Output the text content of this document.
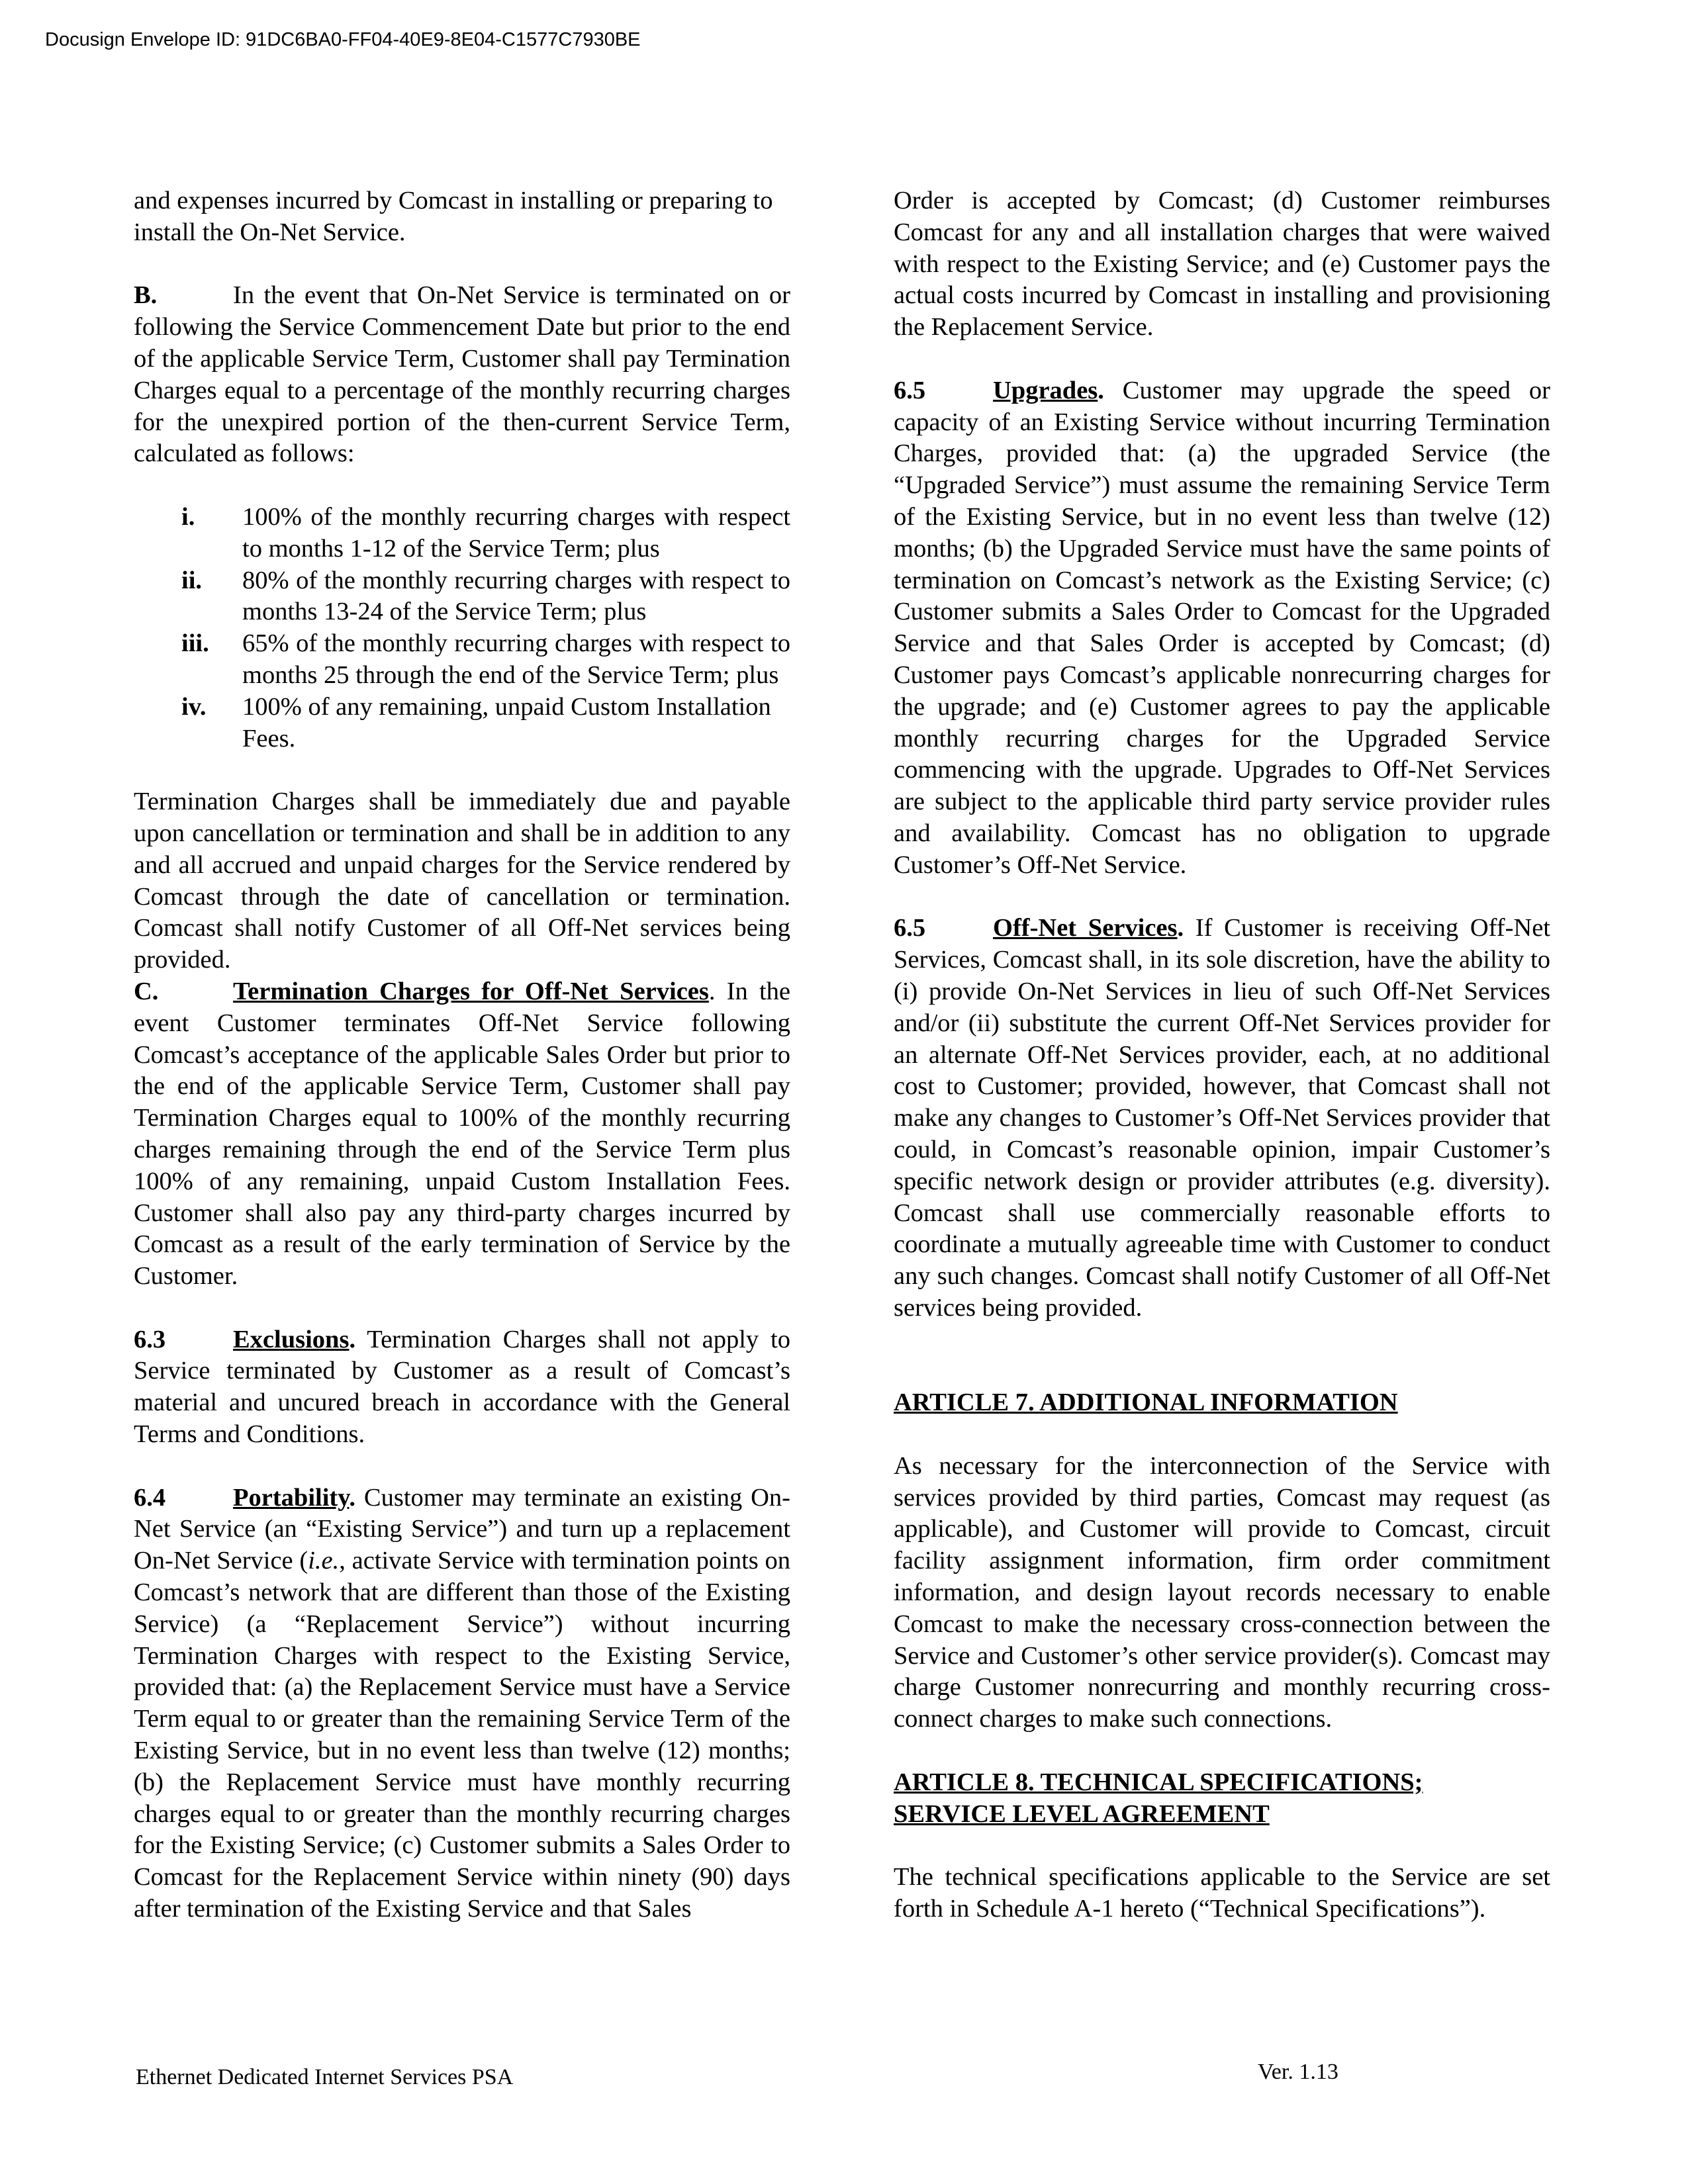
Docusign Envelope ID: 91DC6BA0-FF04-40E9-8E04-C1577C7930BE

and expenses incurred by Comcast in installing or preparing to install the On-Net Service.

B.	In the event that On-Net Service is terminated on or following the Service Commencement Date but prior to the end of the applicable Service Term, Customer shall pay Termination Charges equal to a percentage of the monthly recurring charges for the unexpired portion of the then-current Service Term, calculated as follows:

i. 100% of the monthly recurring charges with respect to months 1-12 of the Service Term; plus
ii. 80% of the monthly recurring charges with respect to months 13-24 of the Service Term; plus
iii. 65% of the monthly recurring charges with respect to months 25 through the end of the Service Term; plus
iv. 100% of any remaining, unpaid Custom Installation Fees.

Termination Charges shall be immediately due and payable upon cancellation or termination and shall be in addition to any and all accrued and unpaid charges for the Service rendered by Comcast through the date of cancellation or termination. Comcast shall notify Customer of all Off-Net services being provided.

C.	Termination Charges for Off-Net Services. In the event Customer terminates Off-Net Service following Comcast’s acceptance of the applicable Sales Order but prior to the end of the applicable Service Term, Customer shall pay Termination Charges equal to 100% of the monthly recurring charges remaining through the end of the Service Term plus 100% of any remaining, unpaid Custom Installation Fees. Customer shall also pay any third-party charges incurred by Comcast as a result of the early termination of Service by the Customer.

6.3	Exclusions. Termination Charges shall not apply to Service terminated by Customer as a result of Comcast’s material and uncured breach in accordance with the General Terms and Conditions.

6.4	Portability. Customer may terminate an existing On-Net Service (an “Existing Service”) and turn up a replacement On-Net Service (i.e., activate Service with termination points on Comcast’s network that are different than those of the Existing Service) (a “Replacement Service”) without incurring Termination Charges with respect to the Existing Service, provided that: (a) the Replacement Service must have a Service Term equal to or greater than the remaining Service Term of the Existing Service, but in no event less than twelve (12) months; (b) the Replacement Service must have monthly recurring charges equal to or greater than the monthly recurring charges for the Existing Service; (c) Customer submits a Sales Order to Comcast for the Replacement Service within ninety (90) days after termination of the Existing Service and that Sales

Order is accepted by Comcast; (d) Customer reimburses Comcast for any and all installation charges that were waived with respect to the Existing Service; and (e) Customer pays the actual costs incurred by Comcast in installing and provisioning the Replacement Service.

6.5	Upgrades. Customer may upgrade the speed or capacity of an Existing Service without incurring Termination Charges, provided that: (a) the upgraded Service (the “Upgraded Service”) must assume the remaining Service Term of the Existing Service, but in no event less than twelve (12) months; (b) the Upgraded Service must have the same points of termination on Comcast’s network as the Existing Service; (c) Customer submits a Sales Order to Comcast for the Upgraded Service and that Sales Order is accepted by Comcast; (d) Customer pays Comcast’s applicable nonrecurring charges for the upgrade; and (e) Customer agrees to pay the applicable monthly recurring charges for the Upgraded Service commencing with the upgrade. Upgrades to Off-Net Services are subject to the applicable third party service provider rules and availability. Comcast has no obligation to upgrade Customer’s Off-Net Service.

6.5	Off-Net Services. If Customer is receiving Off-Net Services, Comcast shall, in its sole discretion, have the ability to (i) provide On-Net Services in lieu of such Off-Net Services and/or (ii) substitute the current Off-Net Services provider for an alternate Off-Net Services provider, each, at no additional cost to Customer; provided, however, that Comcast shall not make any changes to Customer’s Off-Net Services provider that could, in Comcast’s reasonable opinion, impair Customer’s specific network design or provider attributes (e.g. diversity). Comcast shall use commercially reasonable efforts to coordinate a mutually agreeable time with Customer to conduct any such changes. Comcast shall notify Customer of all Off-Net services being provided.

ARTICLE 7. ADDITIONAL INFORMATION

As necessary for the interconnection of the Service with services provided by third parties, Comcast may request (as applicable), and Customer will provide to Comcast, circuit facility assignment information, firm order commitment information, and design layout records necessary to enable Comcast to make the necessary cross-connection between the Service and Customer’s other service provider(s). Comcast may charge Customer nonrecurring and monthly recurring cross-connect charges to make such connections.

ARTICLE 8. TECHNICAL SPECIFICATIONS;

SERVICE LEVEL AGREEMENT

The technical specifications applicable to the Service are set forth in Schedule A-1 hereto (“Technical Specifications”).

Ethernet Dedicated Internet Services PSA	Ver. 1.13
